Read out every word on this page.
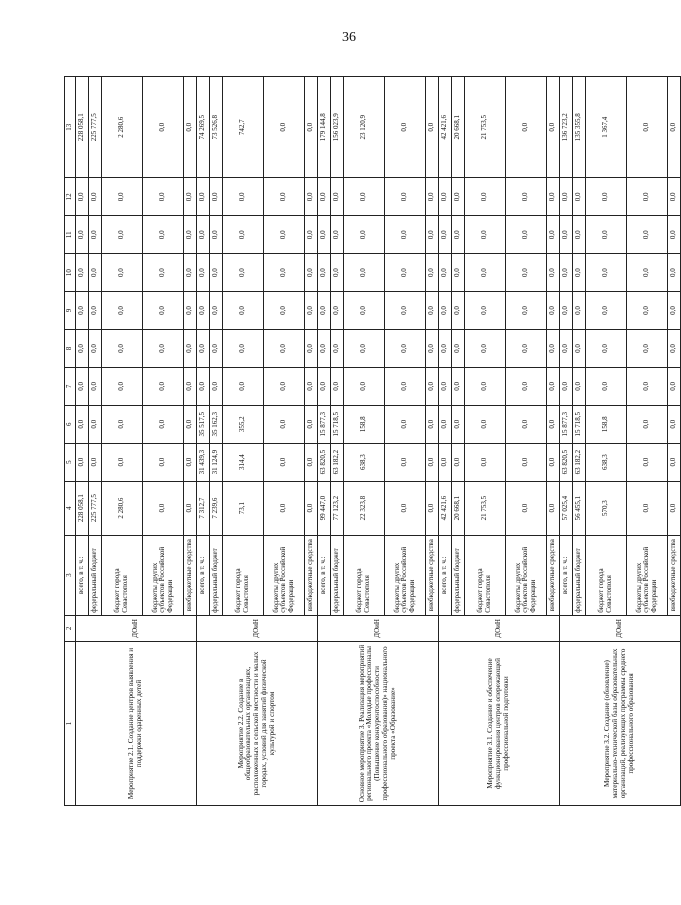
36
1	2	3	4	5	6	7	8	9	10	11	12	13
Мероприятие 2.1. Создание центров выявления и поддержки одаренных детей	ДОиН	всего, в т. ч.:	228 058,1	0,0	0,0	0,0	0,0	0,0	0,0	0,0	0,0	228 058,1
		федеральный бюджет	225 777,5	0,0	0,0	0,0	0,0	0,0	0,0	0,0	0,0	225 777,5
		бюджет города Севастополя	2 280,6	0,0	0,0	0,0	0,0	0,0	0,0	0,0	0,0	2 280,6
		бюджеты других субъектов Российской Федерации	0,0	0,0	0,0	0,0	0,0	0,0	0,0	0,0	0,0	0,0
		внебюджетные средства	0,0	0,0	0,0	0,0	0,0	0,0	0,0	0,0	0,0	0,0
Мероприятие 2.2. Создание в общеобразовательных организациях, расположенных в сельской местности и малых городах, условий для занятий физической культурой и спортом	ДОиН	всего, в т. ч.:	7 312,7	31 439,3	35 517,5	0,0	0,0	0,0	0,0	0,0	0,0	74 269,5
		федеральный бюджет	7 239,6	31 124,9	35 162,3	0,0	0,0	0,0	0,0	0,0	0,0	73 526,8
		бюджет города Севастополя	73,1	314,4	355,2	0,0	0,0	0,0	0,0	0,0	0,0	742,7
		бюджеты других субъектов Российской Федерации	0,0	0,0	0,0	0,0	0,0	0,0	0,0	0,0	0,0	0,0
		внебюджетные средства	0,0	0,0	0,0	0,0	0,0	0,0	0,0	0,0	0,0	0,0
Основное мероприятие 3. Реализация мероприятий регионального проекта «Молодые профессионалы (Повышение конкурентоспособности профессионального образования)» национального проекта «Образование»	ДОиН	всего, в т. ч.:	99 447,0	63 820,5	15 877,3	0,0	0,0	0,0	0,0	0,0	0,0	179 144,8
		федеральный бюджет	77 123,2	63 182,2	15 718,5	0,0	0,0	0,0	0,0	0,0	0,0	156 023,9
		бюджет города Севастополя	22 323,8	638,3	158,8	0,0	0,0	0,0	0,0	0,0	0,0	23 120,9
		бюджеты других субъектов Российской Федерации	0,0	0,0	0,0	0,0	0,0	0,0	0,0	0,0	0,0	0,0
		внебюджетные средства	0,0	0,0	0,0	0,0	0,0	0,0	0,0	0,0	0,0	0,0
Мероприятие 3.1. Создание и обеспечение функционирования центров опережающей профессиональной подготовки	ДОиН	всего, в т. ч.:	42 421,6	0,0	0,0	0,0	0,0	0,0	0,0	0,0	0,0	42 421,6
		федеральный бюджет	20 668,1	0,0	0,0	0,0	0,0	0,0	0,0	0,0	0,0	20 668,1
		бюджет города Севастополя	21 753,5	0,0	0,0	0,0	0,0	0,0	0,0	0,0	0,0	21 753,5
		бюджеты других субъектов Российской Федерации	0,0	0,0	0,0	0,0	0,0	0,0	0,0	0,0	0,0	0,0
		внебюджетные средства	0,0	0,0	0,0	0,0	0,0	0,0	0,0	0,0	0,0	0,0
Мероприятие 3.2. Создание (обновление) материально-технической базы образовательных организаций, реализующих программы среднего профессионального образования	ДОиН	всего, в т. ч.:	57 025,4	63 820,5	15 877,3	0,0	0,0	0,0	0,0	0,0	0,0	136 723,2
		федеральный бюджет	56 455,1	63 182,2	15 718,5	0,0	0,0	0,0	0,0	0,0	0,0	135 355,8
		бюджет города Севастополя	570,3	638,3	158,8	0,0	0,0	0,0	0,0	0,0	0,0	1 367,4
		бюджеты других субъектов Российской Федерации	0,0	0,0	0,0	0,0	0,0	0,0	0,0	0,0	0,0	0,0
		внебюджетные средства	0,0	0,0	0,0	0,0	0,0	0,0	0,0	0,0	0,0	0,0
